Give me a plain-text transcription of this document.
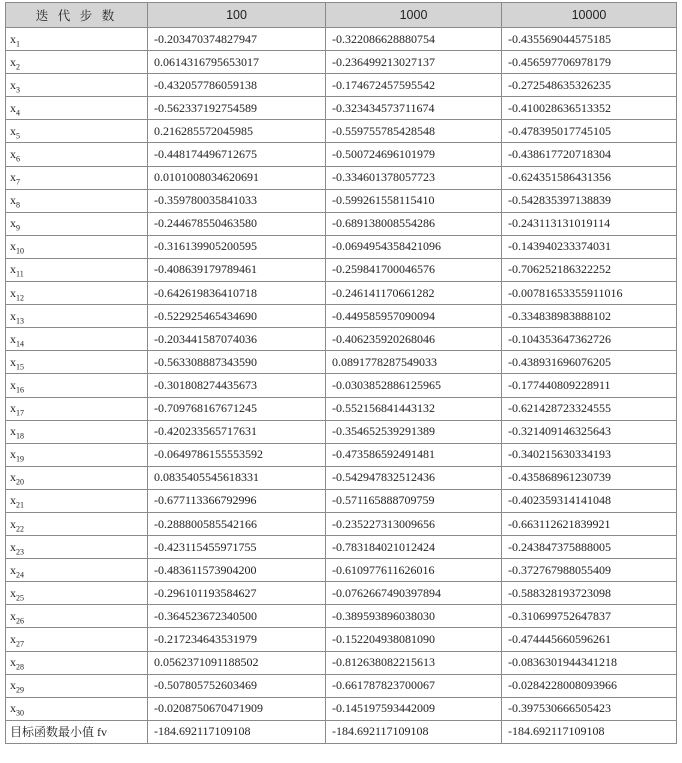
迭 代 步 数	100	1000	10000
$x_1$	-0.203470374827947	-0.322086628880754	-0.435569044575185
$x_2$	0.0614316795653017	-0.236499213027137	-0.456597706978179
$x_3$	-0.432057786059138	-0.174672457595542	-0.272548635326235
$x_4$	-0.562337192754589	-0.323434573711674	-0.410028636513352
$x_5$	0.216285572045985	-0.559755785428548	-0.478395017745105
$x_6$	-0.448174496712675	-0.500724696101979	-0.438617720718304
$x_7$	0.0101008034620691	-0.334601378057723	-0.624351586431356
$x_8$	-0.359780035841033	-0.599261558115410	-0.542835397138839
$x_9$	-0.244678550463580	-0.689138008554286	-0.243113131019114
$x_{10}$	-0.316139905200595	-0.0694954358421096	-0.143940233374031
$x_{11}$	-0.408639179789461	-0.259841700046576	-0.706252186322252
$x_{12}$	-0.642619836410718	-0.246141170661282	-0.00781653355911016
$x_{13}$	-0.522925465434690	-0.449585957090094	-0.334838983888102
$x_{14}$	-0.203441587074036	-0.406235920268046	-0.104353647362726
$x_{15}$	-0.563308887343590	0.0891778287549033	-0.438931696076205
$x_{16}$	-0.301808274435673	-0.0303852886125965	-0.177440809228911
$x_{17}$	-0.709768167671245	-0.552156841443132	-0.621428723324555
$x_{18}$	-0.420233565717631	-0.354652539291389	-0.321409146325643
$x_{19}$	-0.0649786155553592	-0.473586592491481	-0.340215630334193
$x_{20}$	0.0835405545618331	-0.542947832512436	-0.435868961230739
$x_{21}$	-0.677113366792996	-0.571165888709759	-0.402359314141048
$x_{22}$	-0.288800585542166	-0.235227313009656	-0.663112621839921
$x_{23}$	-0.423115455971755	-0.783184021012424	-0.243847375888005
$x_{24}$	-0.483611573904200	-0.610977611626016	-0.372767988055409
$x_{25}$	-0.296101193584627	-0.0762667490397894	-0.588328193723098
$x_{26}$	-0.364523672340500	-0.389593896038030	-0.310699752647837
$x_{27}$	-0.217234643531979	-0.152204938081090	-0.474445660596261
$x_{28}$	0.0562371091188502	-0.812638082215613	-0.0836301944341218
$x_{29}$	-0.507805752603469	-0.661787823700067	-0.0284228008093966
$x_{30}$	-0.0208750670471909	-0.145197593442009	-0.397530666505423
目标函数最小值 fv	-184.692117109108	-184.692117109108	-184.692117109108
